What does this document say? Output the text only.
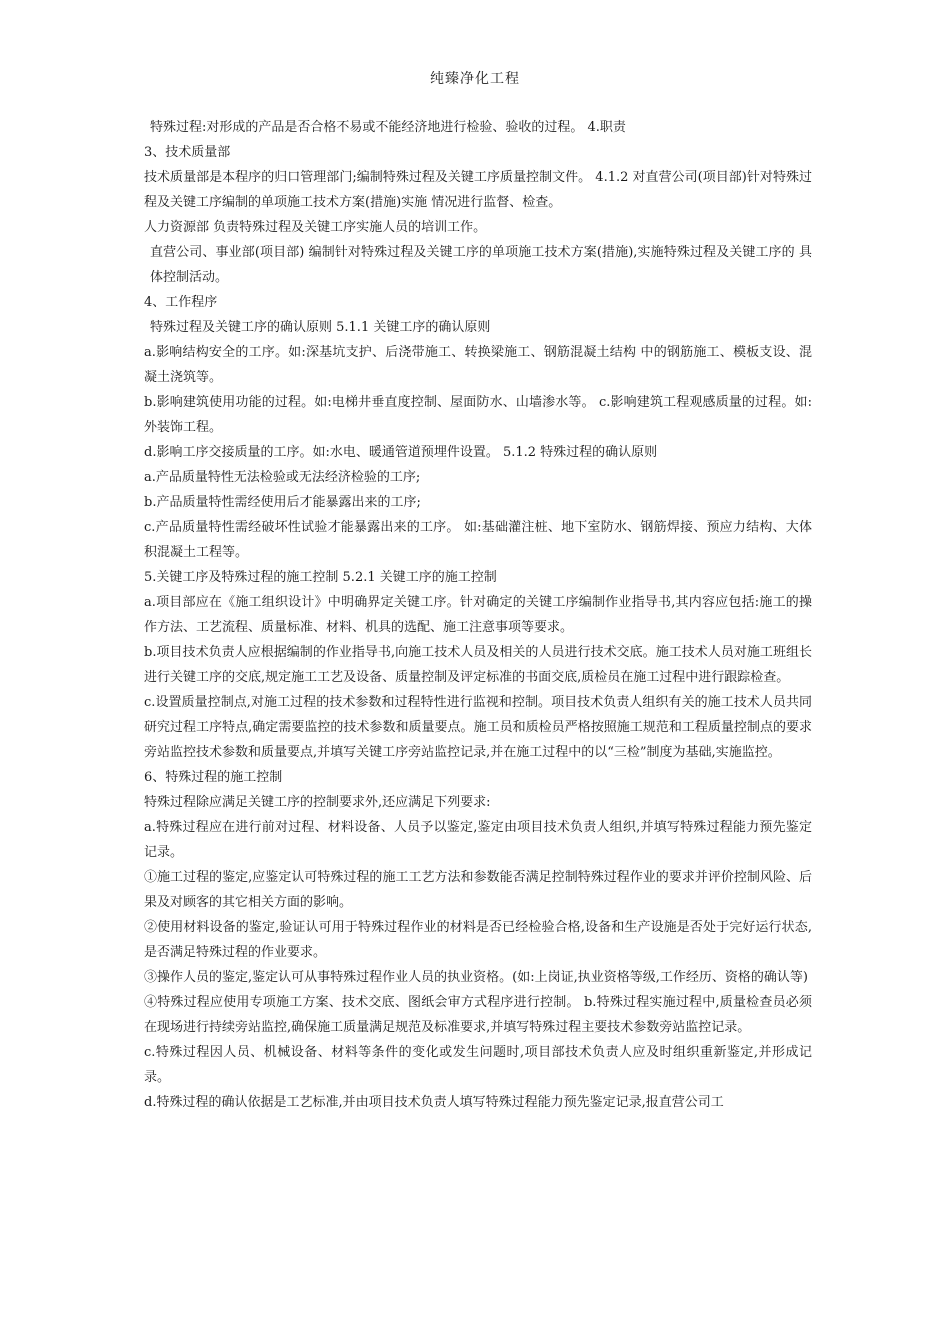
纯臻净化工程

特殊过程:对形成的产品是否合格不易或不能经济地进行检验、验收的过程。 4.职责

3、技术质量部

技术质量部是本程序的归口管理部门;编制特殊过程及关键工序质量控制文件。 4.1.2 对直营公司(项目部)针对特殊过程及关键工序编制的单项施工技术方案(措施)实施 情况进行监督、检查。

人力资源部 负责特殊过程及关键工序实施人员的培训工作。

直营公司、事业部(项目部) 编制针对特殊过程及关键工序的单项施工技术方案(措施),实施特殊过程及关键工序的 具体控制活动。

4、工作程序

特殊过程及关键工序的确认原则 5.1.1 关键工序的确认原则

a.影响结构安全的工序。如:深基坑支护、后浇带施工、转换梁施工、钢筋混凝土结构 中的钢筋施工、模板支设、混凝土浇筑等。

b.影响建筑使用功能的过程。如:电梯井垂直度控制、屋面防水、山墙渗水等。 c.影响建筑工程观感质量的过程。如:外装饰工程。

d.影响工序交接质量的工序。如:水电、暖通管道预埋件设置。 5.1.2 特殊过程的确认原则

a.产品质量特性无法检验或无法经济检验的工序;

b.产品质量特性需经使用后才能暴露出来的工序;

c.产品质量特性需经破坏性试验才能暴露出来的工序。 如:基础灌注桩、地下室防水、钢筋焊接、预应力结构、大体积混凝土工程等。

5.关键工序及特殊过程的施工控制 5.2.1 关键工序的施工控制

a.项目部应在《施工组织设计》中明确界定关键工序。针对确定的关键工序编制作业指导书,其内容应包括:施工的操作方法、工艺流程、质量标准、材料、机具的选配、施工注意事项等要求。

b.项目技术负责人应根据编制的作业指导书,向施工技术人员及相关的人员进行技术交底。施工技术人员对施工班组长进行关键工序的交底,规定施工工艺及设备、质量控制及评定标准的书面交底,质检员在施工过程中进行跟踪检查。

c.设置质量控制点,对施工过程的技术参数和过程特性进行监视和控制。项目技术负责人组织有关的施工技术人员共同研究过程工序特点,确定需要监控的技术参数和质量要点。施工员和质检员严格按照施工规范和工程质量控制点的要求旁站监控技术参数和质量要点,并填写关键工序旁站监控记录,并在施工过程中的以“三检”制度为基础,实施监控。

6、特殊过程的施工控制

特殊过程除应满足关键工序的控制要求外,还应满足下列要求:

a.特殊过程应在进行前对过程、材料设备、人员予以鉴定,鉴定由项目技术负责人组织,并填写特殊过程能力预先鉴定记录。

①施工过程的鉴定,应鉴定认可特殊过程的施工工艺方法和参数能否满足控制特殊过程作业的要求并评价控制风险、后果及对顾客的其它相关方面的影响。

②使用材料设备的鉴定,验证认可用于特殊过程作业的材料是否已经检验合格,设备和生产设施是否处于完好运行状态,是否满足特殊过程的作业要求。

③操作人员的鉴定,鉴定认可从事特殊过程作业人员的执业资格。(如:上岗证,执业资格等级,工作经历、资格的确认等)

④特殊过程应使用专项施工方案、技术交底、图纸会审方式程序进行控制。 b.特殊过程实施过程中,质量检查员必须在现场进行持续旁站监控,确保施工质量满足规范及标准要求,并填写特殊过程主要技术参数旁站监控记录。

c.特殊过程因人员、机械设备、材料等条件的变化或发生问题时,项目部技术负责人应及时组织重新鉴定,并形成记录。

d.特殊过程的确认依据是工艺标准,并由项目技术负责人填写特殊过程能力预先鉴定记录,报直营公司工
